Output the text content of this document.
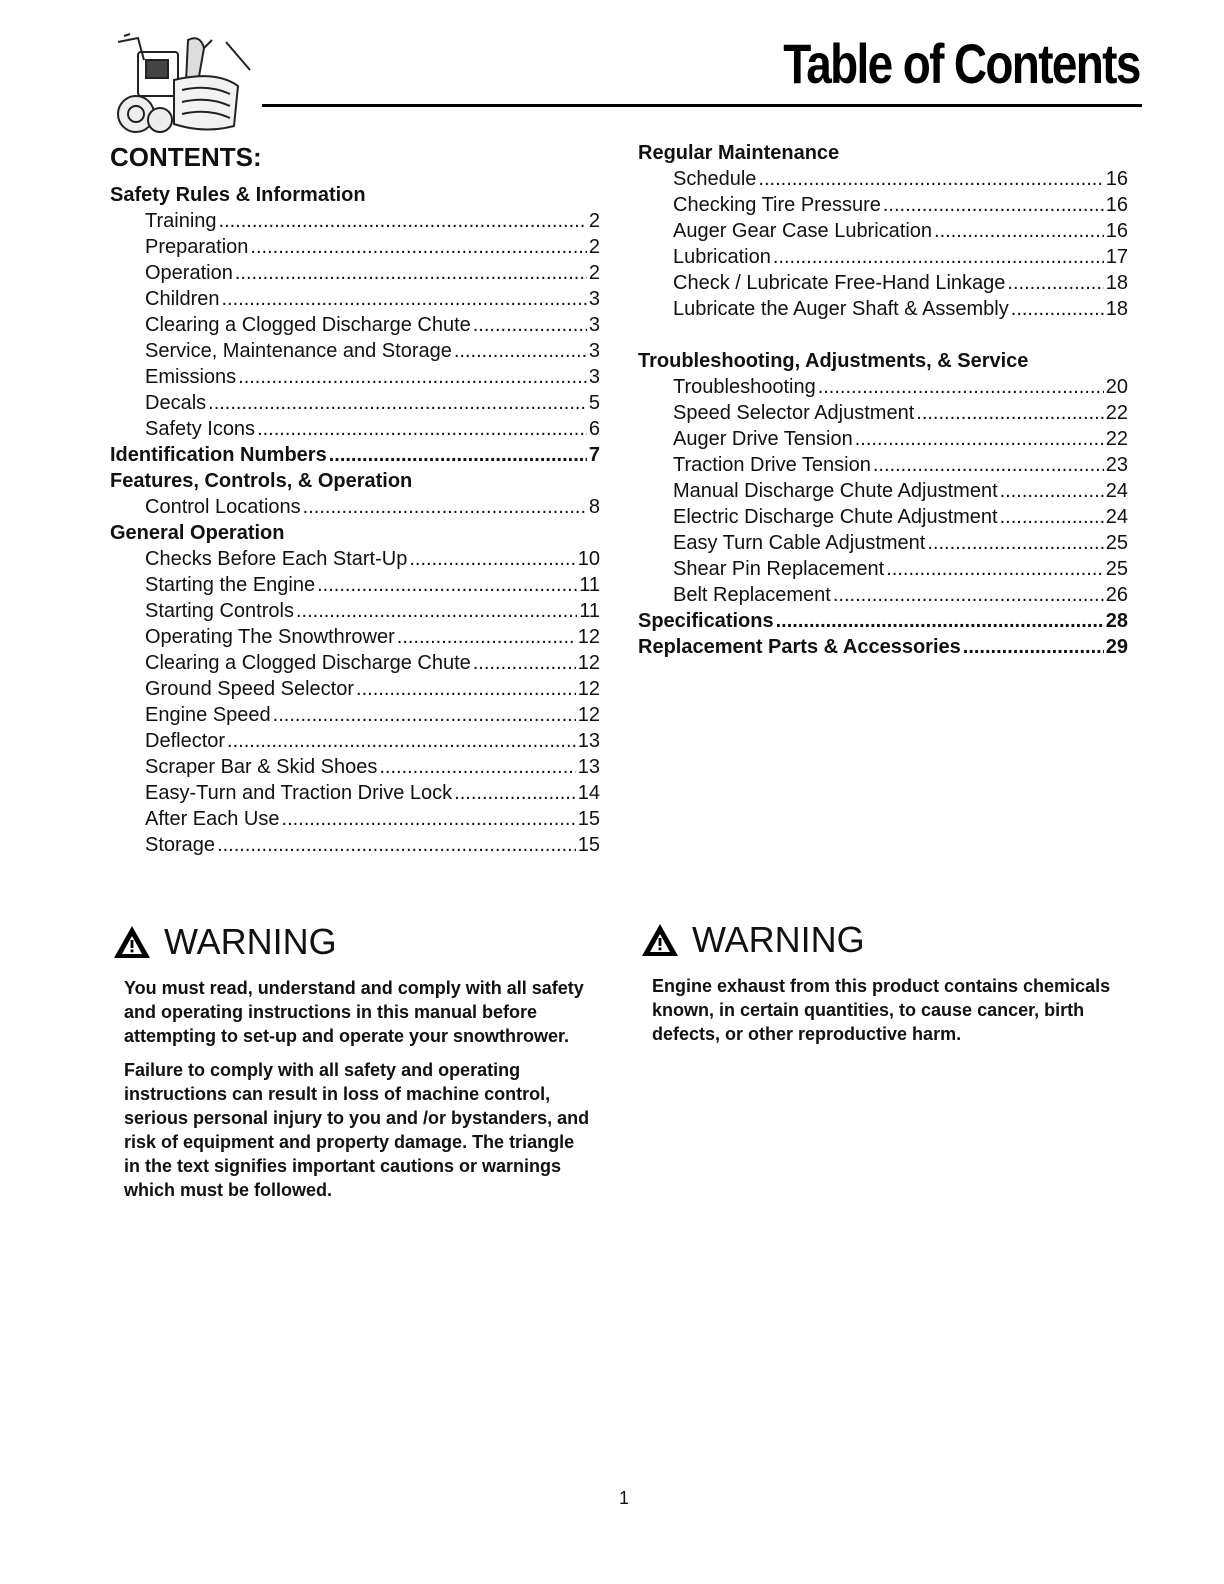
Table of Contents
CONTENTS:
Safety Rules & Information
Training .....	2
Preparation .....	2
Operation .....	2
Children .....	3
Clearing a Clogged Discharge Chute .....	3
Service, Maintenance and Storage .....	3
Emissions .....	3
Decals .....	5
Safety Icons .....	6
Identification Numbers .....	7
Features, Controls, & Operation
Control Locations .....	8
General Operation
Checks Before Each Start-Up .....	10
Starting the Engine .....	11
Starting Controls .....	11
Operating The Snowthrower .....	12
Clearing a Clogged Discharge Chute .....	12
Ground Speed Selector .....	12
Engine Speed .....	12
Deflector .....	13
Scraper Bar & Skid Shoes .....	13
Easy-Turn and Traction Drive Lock .....	14
After Each Use .....	15
Storage .....	15
Regular Maintenance
Schedule .....	16
Checking Tire Pressure .....	16
Auger Gear Case Lubrication .....	16
Lubrication .....	17
Check / Lubricate Free-Hand Linkage .....	18
Lubricate the Auger Shaft & Assembly .....	18
Troubleshooting, Adjustments, & Service
Troubleshooting .....	20
Speed Selector Adjustment .....	22
Auger Drive Tension .....	22
Traction Drive Tension .....	23
Manual Discharge Chute Adjustment .....	24
Electric Discharge Chute Adjustment .....	24
Easy Turn Cable Adjustment .....	25
Shear Pin Replacement .....	25
Belt Replacement .....	26
Specifications .....	28
Replacement Parts & Accessories .....	29
WARNING

You must read, understand and comply with all safety and operating instructions in this manual before attempting to set-up and operate your snowthrower.

Failure to comply with all safety and operating instructions can result in loss of machine control, serious personal injury to you and /or bystanders, and risk of equipment and property damage. The triangle in the text signifies important cautions or warnings which must be followed.

WARNING

Engine exhaust from this product contains chemicals known, in certain quantities, to cause cancer, birth defects, or other reproductive harm.

1
